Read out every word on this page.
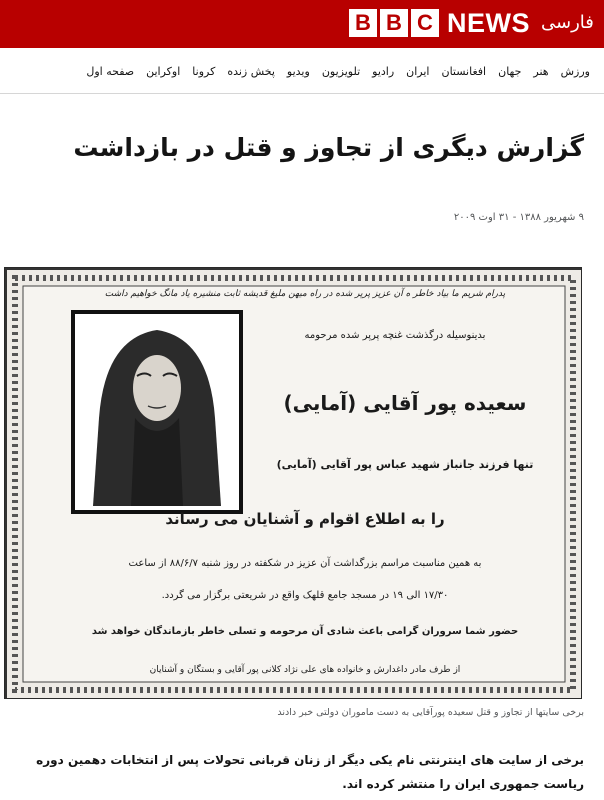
B B C NEWS فارسی
صفحه اول	اوکراین	کرونا	پخش زنده	ویدیو	تلویزیون	رادیو	ایران	افغانستان	جهان	هنر	ورزش
گزارش دیگری از تجاوز و قتل در بازداشت
۹ شهریور ۱۳۸۸ - ۳۱ اوت ۲۰۰۹
پدرام شریم ما بیاد خاطر ه آن عزیز پرپر شده در راه میهن ملیغ قدیشه ثابت منشیره یاد مانگ خواهیم داشت
بدینوسیله درگذشت غنچه پرپر شده مرحومه
سعیده پور آقایی (آمایی)
تنها فرزند جانباز شهید عباس پور آقایی (آمایی)
را به اطلاع اقوام و آشنایان می رساند
به همین مناسبت مراسم بزرگداشت آن عزیز در شکفته در روز شنبه ۸۸/۶/۷ از ساعت
۱۷/۳۰ الی ۱۹ در مسجد جامع قلهک واقع در شریعتی برگزار می گردد.
حضور شما سروران گرامی باعث شادی آن مرحومه و تسلی خاطر بازماندگان خواهد شد
از طرف مادر داغدارش و خانواده های علی نژاد کلانی پور آقایی و بستگان و آشنایان
برخی سایتها از تجاوز و قتل سعیده پورآقایی به دست ماموران دولتی خبر دادند

برخی از سایت های اینترنتی نام یکی دیگر از زنان قربانی تحولات پس از انتخابات دهمین دوره ریاست جمهوری ایران را منتشر کرده اند.
